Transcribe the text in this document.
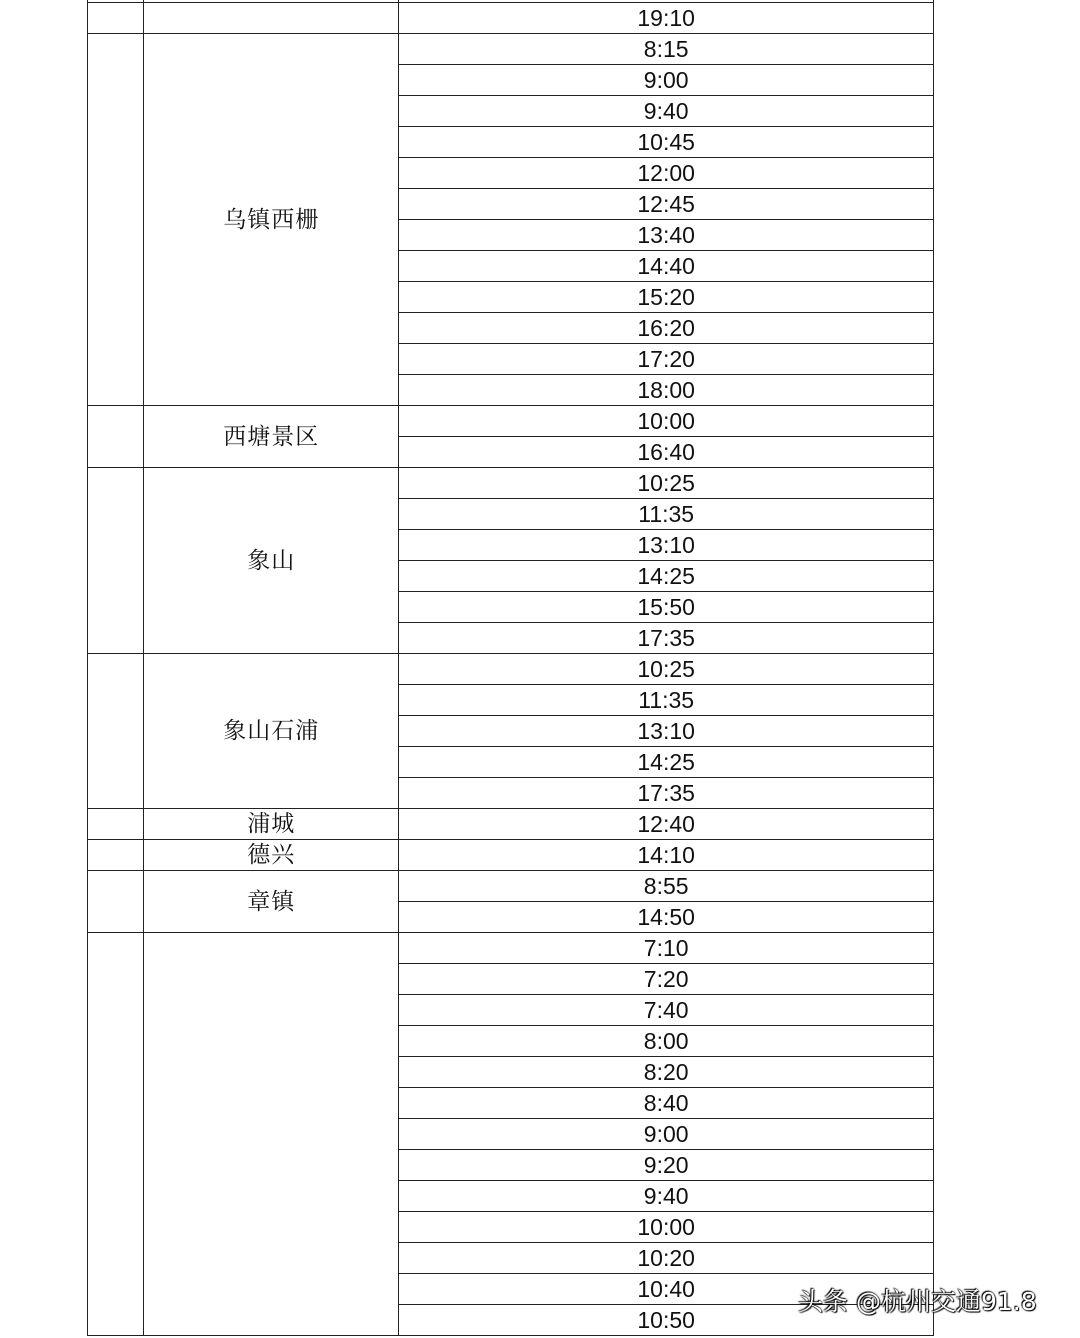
		19:10
	乌镇西栅	8:15
		9:00
		9:40
		10:45
		12:00
		12:45
		13:40
		14:40
		15:20
		16:20
		17:20
		18:00
	西塘景区	10:00
		16:40
	象山	10:25
		11:35
		13:10
		14:25
		15:50
		17:35
	象山石浦	10:25
		11:35
		13:10
		14:25
		17:35
	浦城	12:40
	德兴	14:10
	章镇	8:55
		14:50
		7:10
		7:20
		7:40
		8:00
		8:20
		8:40
		9:00
		9:20
		9:40
		10:00
		10:20
		10:40
		10:50
头条 @杭州交通91.8
